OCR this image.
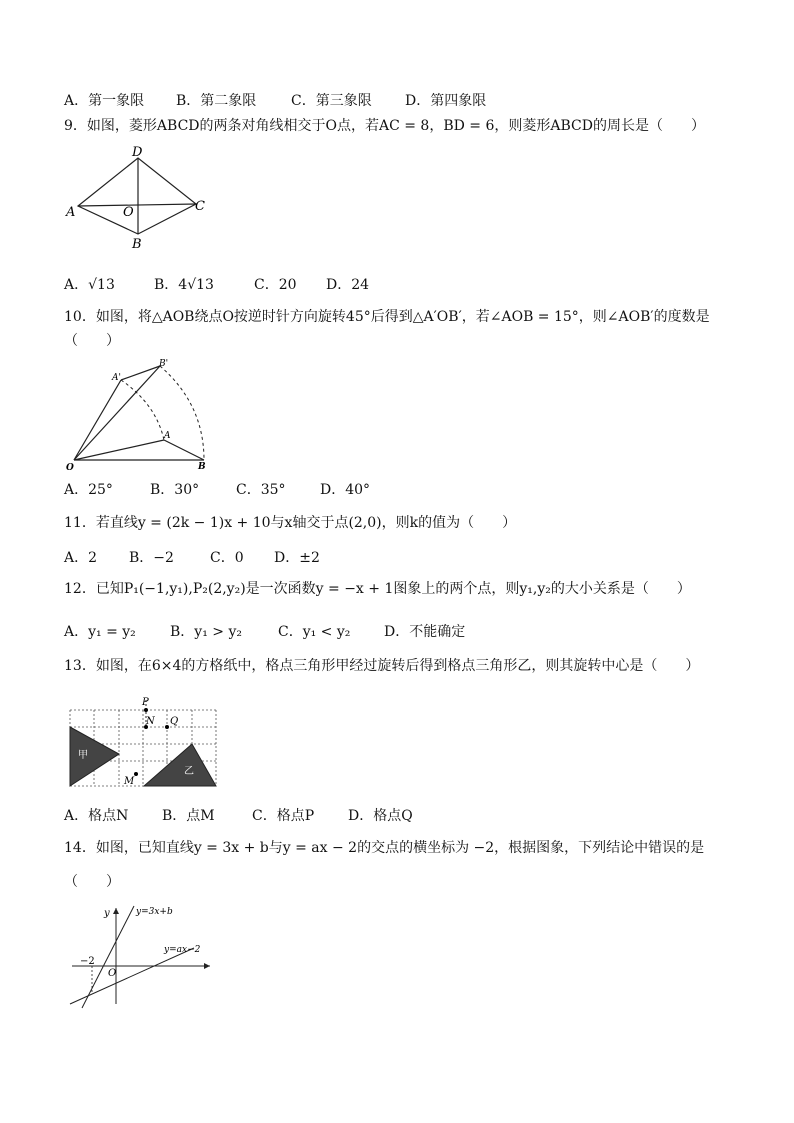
A．第一象限 B．第二象限 C．第三象限 D．第四象限
9．如图，菱形ABCD的两条对角线相交于O点，若AC = 8，BD = 6，则菱形ABCD的周长是（　　）
D
A	O	C
B
A．√13	B．4√13	C．20 D．24
10．如图，将△AOB绕点O按逆时针方向旋转45°后得到△A′OB′，若∠AOB = 15°，则∠AOB′的度数是
（　　）
O
A
B
A'
B'
A．25°	B．30°	C．35° D．40°
11．若直线y = (2k − 1)x + 10与x轴交于点(2,0)，则k的值为（　　）
A．2 B．−2	C．0 D．±2
12．已知P₁(−1,y₁),P₂(2,y₂)是一次函数y = −x + 1图象上的两个点，则y₁,y₂的大小关系是（　　）
A．y₁ = y₂ B．y₁ > y₂	C．y₁ < y₂ D．不能确定
13．如图，在6×4的方格纸中，格点三角形甲经过旋转后得到格点三角形乙，则其旋转中心是（　　）
P
N Q
M
甲
乙
A．格点N B．点M	C．格点P D．格点Q
14．如图，已知直线y = 3x + b与y = ax − 2的交点的横坐标为 −2，根据图象，下列结论中错误的是
（　　）
y
O
−2
y=3x+b
y=ax−2
